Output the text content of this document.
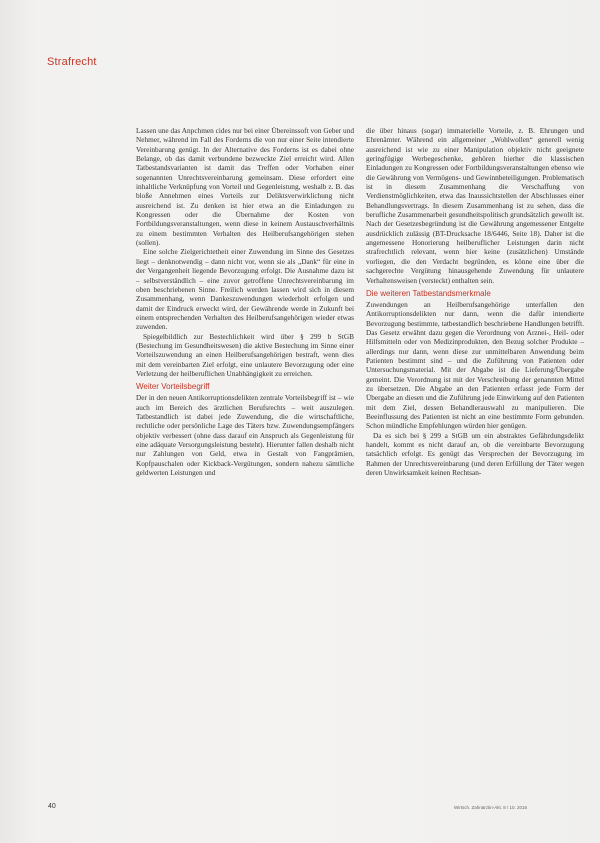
Strafrecht

Lassen une das Anpchmen cides nur bei einer Übereinssoft von Geber und Nehmer, während im Fall des Forderns die von nur einer Seite intendierte Vereinbarung genügt. In der Alternative des Forderns ist es dabei ohne Belange, ob das damit verbundene bezweckte Ziel erreicht wird. Allen Tatbestandsvarianten ist damit das Treffen oder Vorhaben einer sogenannten Unrechtsvereinbarung gemeinsam. Diese erfordert eine inhaltliche Verknüpfung von Vorteil und Gegenleistung, weshalb z. B. das bloße Annehmen eines Vorteils zur Deliktsverwirklichung nicht ausreichend ist. Zu denken ist hier etwa an die Einladungen zu Kongressen oder die Übernahme der Kosten von Fortbildungsveranstaltungen, wenn diese in keinem Austauschverhältnis zu einem bestimmten Verhalten des Heilberufsangehörigen stehen (sollen).

Eine solche Zielgerichtetheit einer Zuwendung im Sinne des Gesetzes liegt – denknotwendig – dann nicht vor, wenn sie als „Dank“ für eine in der Vergangenheit liegende Bevorzugung erfolgt. Die Ausnahme dazu ist – selbstverständlich – eine zuvor getroffene Unrechtsvereinbarung im oben beschriebenen Sinne. Freilich werden lassen wird sich in diesem Zusammenhang, wenn Dankeszuwendungen wiederholt erfolgen und damit der Eindruck erweckt wird, der Gewährende werde in Zukunft bei einem entsprechenden Verhalten des Heilberufsangehörigen wieder etwas zuwenden.

Spiegelbildlich zur Bestechlichkeit wird über § 299 b StGB (Bestechung im Gesundheitswesen) die aktive Bestechung im Sinne einer Vorteilszuwendung an einen Heilberufsangehörigen bestraft, wenn dies mit dem vereinbarten Ziel erfolgt, eine unlautere Bevorzugung oder eine Verletzung der heilberuflichen Unabhängigkeit zu erreichen.

Weiter Vorteilsbegriff

Der in den neuen Antikorruptionsdelikten zentrale Vorteilsbegriff ist – wie auch im Bereich des ärztlichen Berufsrechts – weit auszulegen. Tatbestandlich ist dabei jede Zuwendung, die die wirtschaftliche, rechtliche oder persönliche Lage des Täters bzw. Zuwendungsempfängers objektiv verbessert (ohne dass darauf ein Anspruch als Gegenleistung für eine adäquate Versorgungsleistung besteht). Hierunter fallen deshalb nicht nur Zahlungen von Geld, etwa in Gestalt von Fangprämien, Kopfpauschalen oder Kickback-Vergütungen, sondern nahezu sämtliche geldwerten Leistungen und

die über hinaus (sogar) immaterielle Vorteile, z. B. Ehrungen und Ehrenämter. Während ein allgemeiner „Wohlwollen“ generell wenig ausreichend ist wie zu einer Manipulation objektiv nicht geeignete geringfügige Werbegeschenke, gehören hierher die klassischen Einladungen zu Kongressen oder Fortbildungsveranstaltungen ebenso wie die Gewährung von Vermögens- und Gewinnbeteiligungen. Problematisch ist in diesem Zusammenhang die Verschaffung von Verdienstmöglichkeiten, etwa das Inaussichtstellen der Abschlusses einer Behandlungsvertrags. In diesem Zusammenhang ist zu sehen, dass die berufliche Zusammenarbeit gesundheitspolitisch grundsätzlich gewollt ist. Nach der Gesetzesbegründung ist die Gewährung angemessener Entgelte ausdrücklich zulässig (BT-Drucksache 18/6446, Seite 18). Daher ist die angemessene Honorierung heilberuflicher Leistungen darin nicht strafrechtlich relevant, wenn hier keine (zusätzlichen) Umstände vorliegen, die den Verdacht begründen, es könne eine über die sachgerechte Vergütung hinausgehende Zuwendung für unlautere Verhaltensweisen (versteckt) enthalten sein.

Die weiteren Tatbestandsmerkmale

Zuwendungen an Heilberufsangehörige unterfallen den Antikorruptionsdelikten nur dann, wenn die dafür intendierte Bevorzugung bestimmte, tatbestandlich beschriebene Handlungen betrifft. Das Gesetz erwähnt dazu gegen die Verordnung von Arznei-, Heil- oder Hilfsmitteln oder von Medizinprodukten, den Bezug solcher Produkte – allerdings nur dann, wenn diese zur unmittelbaren Anwendung beim Patienten bestimmt sind – und die Zuführung von Patienten oder Untersuchungsmaterial. Mit der Abgabe ist die Lieferung/Übergabe gemeint. Die Verordnung ist mit der Verschreibung der genannten Mittel zu übersetzen. Die Abgabe an den Patienten erfasst jede Form der Übergabe an diesen und die Zuführung jede Einwirkung auf den Patienten mit dem Ziel, dessen Behandlerauswahl zu manipulieren. Die Beeinflussung des Patienten ist nicht an eine bestimmte Form gebunden. Schon mündliche Empfehlungen würden hier genügen.

Da es sich bei § 299 a StGB um ein abstraktes Gefährdungsdelikt handelt, kommt es nicht darauf an, ob die vereinbarte Bevorzugung tatsächlich erfolgt. Es genügt das Versprechen der Bevorzugung im Rahmen der Unrechtsvereinbarung (und deren Erfüllung der Täter wegen deren Unwirksamkeit keinen Rechtsan-

40	Wirtsch. Zahnärztin-Akt. 8 / 10. 2016
